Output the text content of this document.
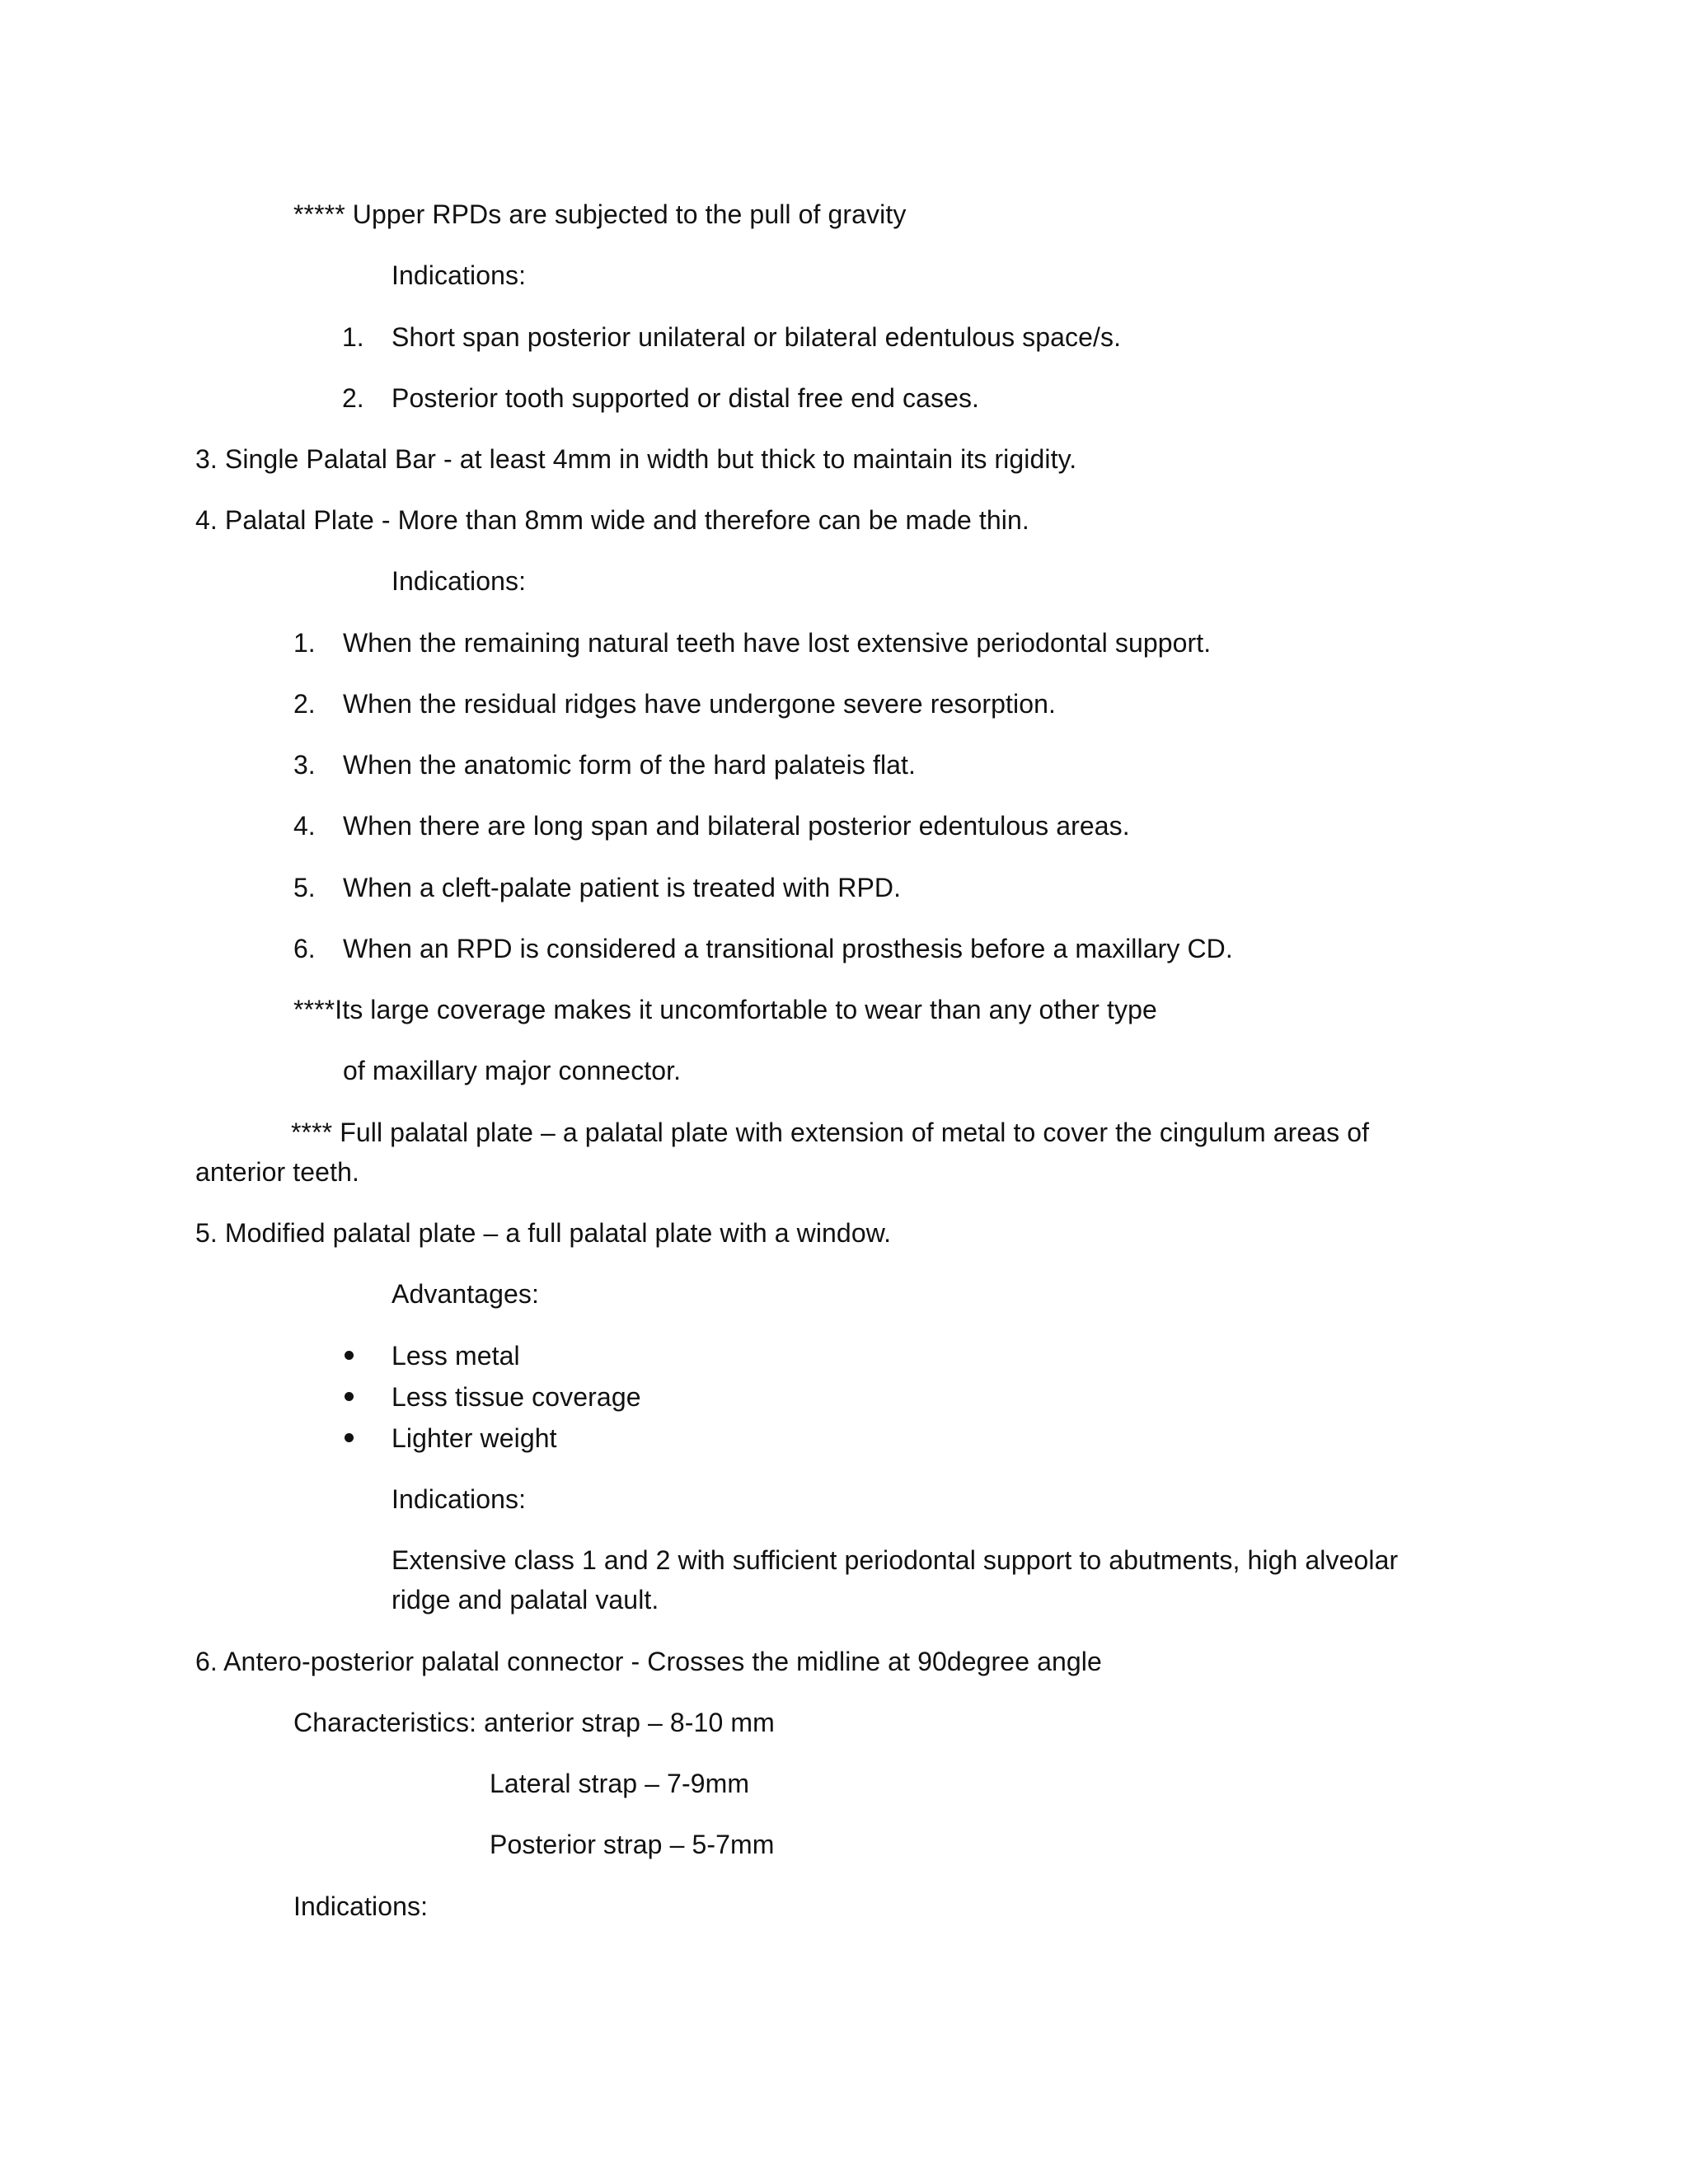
***** Upper RPDs are subjected to the pull of gravity
Indications:
1. Short span posterior unilateral or bilateral edentulous space/s.
2. Posterior tooth supported or distal free end cases.
3. Single Palatal Bar - at least 4mm in width but thick to maintain its rigidity.
4. Palatal Plate - More than 8mm wide and therefore can be made thin.
Indications:
1. When the remaining natural teeth have lost extensive periodontal support.
2. When the residual ridges have undergone severe resorption.
3. When the anatomic form of the hard palateis flat.
4. When there are long span and bilateral posterior edentulous areas.
5. When a cleft-palate patient is treated with RPD.
6. When an RPD is considered a transitional prosthesis before a maxillary CD.
****Its large coverage makes it uncomfortable to wear than any other type
of maxillary major connector.
**** Full palatal plate – a palatal plate with extension of metal to cover the cingulum areas of
anterior teeth.
5. Modified palatal plate – a full palatal plate with a window.
Advantages:
Less metal
Less tissue coverage
Lighter weight
Indications:
Extensive class 1 and 2 with sufficient periodontal support to abutments, high alveolar
ridge and palatal vault.
6. Antero-posterior palatal connector - Crosses the midline at 90degree angle
Characteristics: anterior strap – 8-10 mm
Lateral strap – 7-9mm
Posterior strap – 5-7mm
Indications:
